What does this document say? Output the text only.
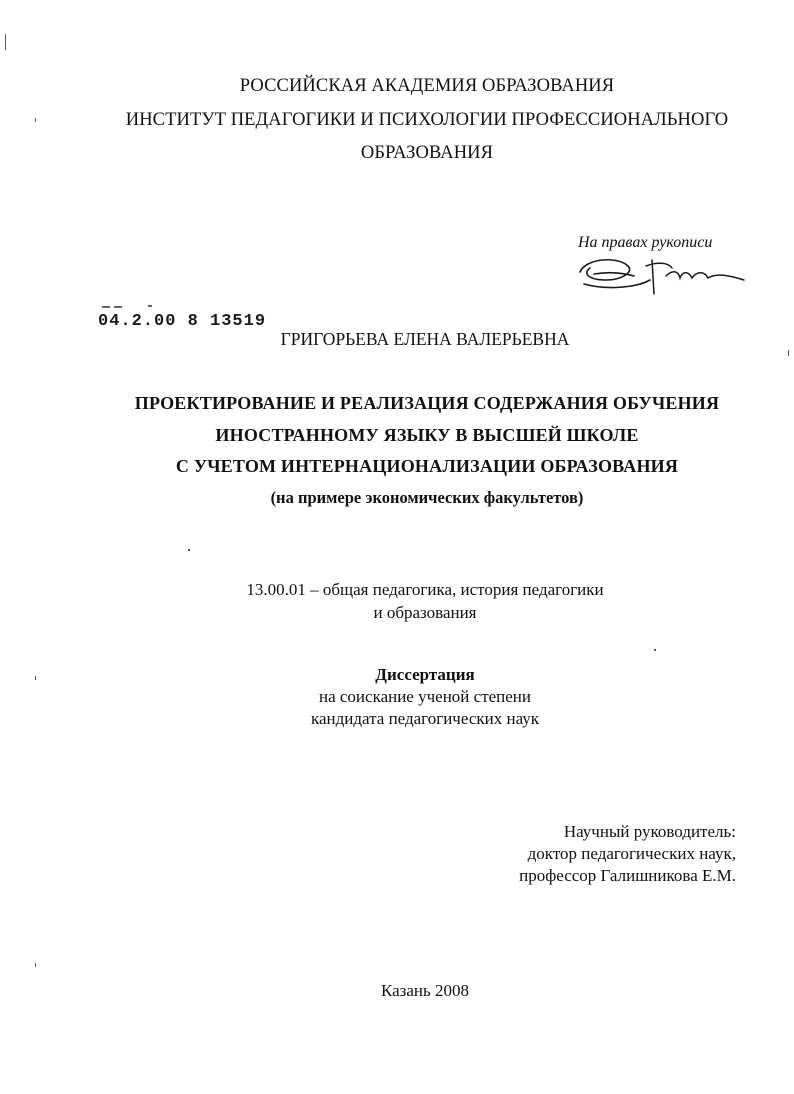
РОССИЙСКАЯ АКАДЕМИЯ ОБРАЗОВАНИЯ
ИНСТИТУТ ПЕДАГОГИКИ И ПСИХОЛОГИИ ПРОФЕССИОНАЛЬНОГО
ОБРАЗОВАНИЯ
На правах рукописи
04.2.00 8 13519
ГРИГОРЬЕВА ЕЛЕНА ВАЛЕРЬЕВНА
ПРОЕКТИРОВАНИЕ И РЕАЛИЗАЦИЯ СОДЕРЖАНИЯ ОБУЧЕНИЯ
ИНОСТРАННОМУ ЯЗЫКУ В ВЫСШЕЙ ШКОЛЕ
С УЧЕТОМ ИНТЕРНАЦИОНАЛИЗАЦИИ ОБРАЗОВАНИЯ
(на примере экономических факультетов)
13.00.01 – общая педагогика, история педагогики
и образования
Диссертация
на соискание ученой степени
кандидата педагогических наук
Научный руководитель:
доктор педагогических наук,
профессор Галишникова Е.М.
Казань 2008
